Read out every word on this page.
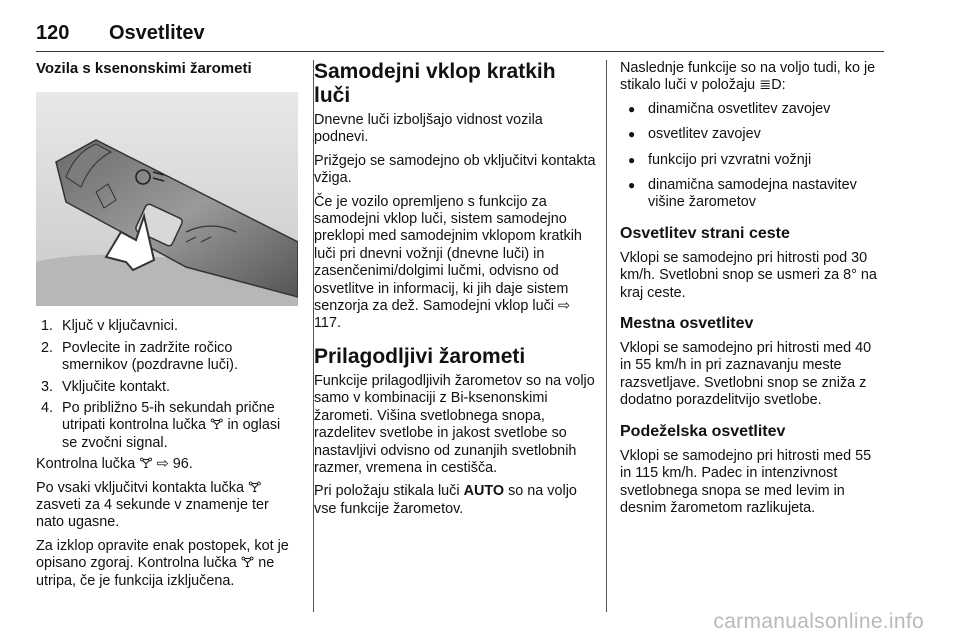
120 Osvetlitev
Vozila s ksenonskimi žarometi
1. Ključ v ključavnici.
2. Povlecite in zadržite ročico smernikov (pozdravne luči).
3. Vključite kontakt.
4. Po približno 5-ih sekundah prične utripati kontrolna lučka 🝖 in oglasi se zvočni signal.

Kontrolna lučka 🝖 ⇨ 96.

Po vsaki vključitvi kontakta lučka 🝖 zasveti za 4 sekunde v znamenje ter nato ugasne.

Za izklop opravite enak postopek, kot je opisano zgoraj. Kontrolna lučka 🝖 ne utripa, če je funkcija izključena.

Samodejni vklop kratkih luči

Dnevne luči izboljšajo vidnost vozila podnevi.

Prižgejo se samodejno ob vključitvi kontakta vžiga.

Če je vozilo opremljeno s funkcijo za samodejni vklop luči, sistem samodejno preklopi med samodejnim vklopom kratkih luči pri dnevni vožnji (dnevne luči) in zasenčenimi/dolgimi lučmi, odvisno od osvetlitve in informacij, ki jih daje sistem senzorja za dež. Samodejni vklop luči ⇨ 117.

Prilagodljivi žarometi

Funkcije prilagodljivih žarometov so na voljo samo v kombinaciji z Bi-ksenonskimi žarometi. Višina svetlobnega snopa, razdelitev svetlobe in jakost svetlobe so nastavljivi odvisno od zunanjih svetlobnih razmer, vremena in cestišča.

Pri položaju stikala luči AUTO so na voljo vse funkcije žarometov.

Naslednje funkcije so na voljo tudi, ko je stikalo luči v položaju ≣D:

● dinamična osvetlitev zavojev
● osvetlitev zavojev
● funkcijo pri vzvratni vožnji
● dinamična samodejna nastavitev višine žarometov
Osvetlitev strani ceste

Vklopi se samodejno pri hitrosti pod 30 km/h. Svetlobni snop se usmeri za 8° na kraj ceste.

Mestna osvetlitev

Vklopi se samodejno pri hitrosti med 40 in 55 km/h in pri zaznavanju meste razsvetljave. Svetlobni snop se zniža z dodatno porazdelitvijo svetlobe.

Podeželska osvetlitev

Vklopi se samodejno pri hitrosti med 55 in 115 km/h. Padec in intenzivnost svetlobnega snopa se med levim in desnim žarometom razlikujeta.

carmanualsonline.info
